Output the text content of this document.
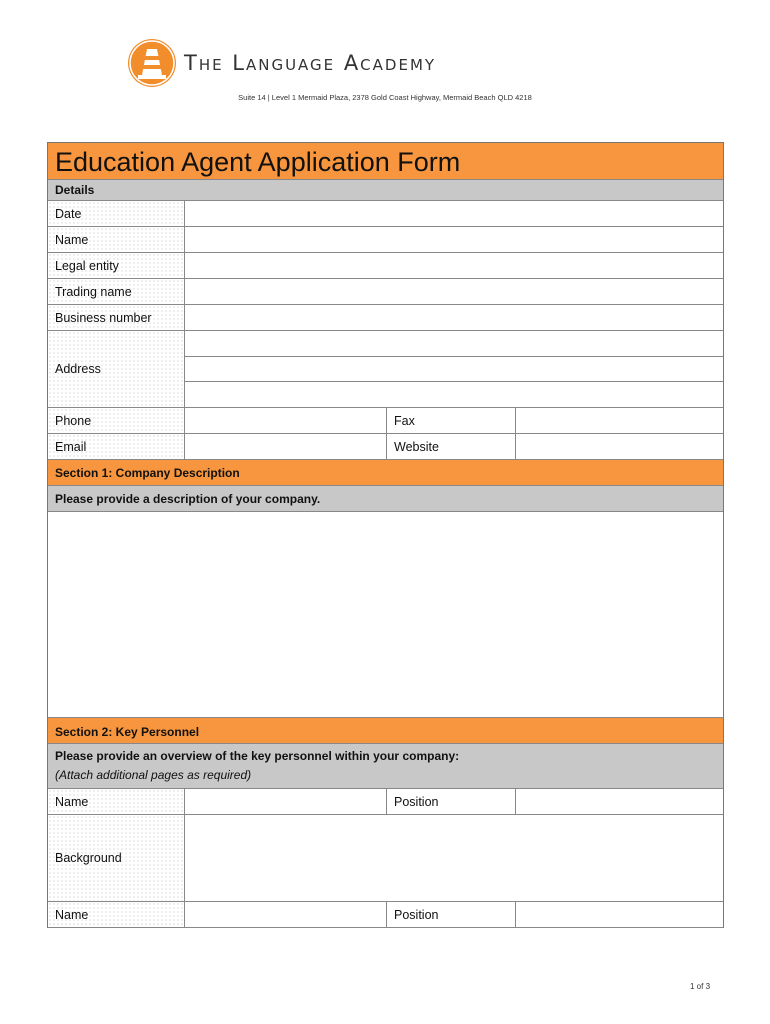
The Language Academy
Suite 14 | Level 1 Mermaid Plaza, 2378 Gold Coast Highway, Mermaid Beach QLD 4218
Education Agent Application Form
Details
Date
Name
Legal entity
Trading name
Business number
Address
Phone	Fax
Email	Website
Section 1: Company Description
Please provide a description of your company.
Section 2: Key Personnel
Please provide an overview of the key personnel within your company:
(Attach additional pages as required)
Name	Position
Background
Name	Position
1 of 3
